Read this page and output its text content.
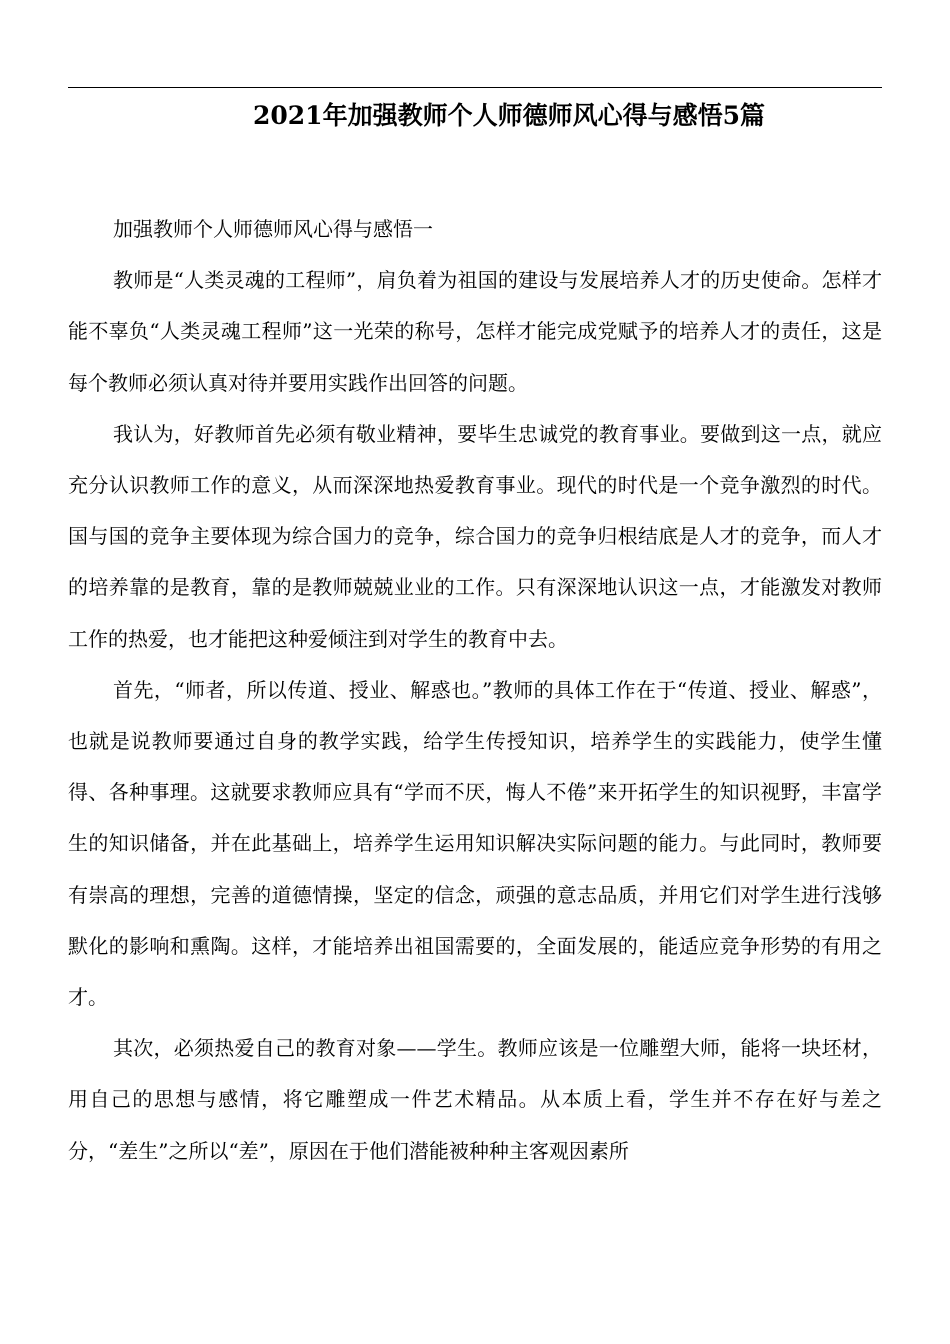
2021年加强教师个人师德师风心得与感悟5篇

加强教师个人师德师风心得与感悟一

教师是“人类灵魂的工程师”，肩负着为祖国的建设与发展培养人才的历史使命。怎样才能不辜负“人类灵魂工程师”这一光荣的称号，怎样才能完成党赋予的培养人才的责任，这是每个教师必须认真对待并要用实践作出回答的问题。

我认为，好教师首先必须有敬业精神，要毕生忠诚党的教育事业。要做到这一点，就应充分认识教师工作的意义，从而深深地热爱教育事业。现代的时代是一个竞争激烈的时代。国与国的竞争主要体现为综合国力的竞争，综合国力的竞争归根结底是人才的竞争，而人才的培养靠的是教育，靠的是教师兢兢业业的工作。只有深深地认识这一点，才能激发对教师工作的热爱，也才能把这种爱倾注到对学生的教育中去。

首先，“师者，所以传道、授业、解惑也。”教师的具体工作在于“传道、授业、解惑”，也就是说教师要通过自身的教学实践，给学生传授知识，培养学生的实践能力，使学生懂得、各种事理。这就要求教师应具有“学而不厌，悔人不倦”来开拓学生的知识视野，丰富学生的知识储备，并在此基础上，培养学生运用知识解决实际问题的能力。与此同时，教师要有崇高的理想，完善的道德情操，坚定的信念，顽强的意志品质，并用它们对学生进行浅够默化的影响和熏陶。这样，才能培养出祖国需要的，全面发展的，能适应竞争形势的有用之才。

其次，必须热爱自己的教育对象——学生。教师应该是一位雕塑大师，能将一块坯材，用自己的思想与感情，将它雕塑成一件艺术精品。从本质上看，学生并不存在好与差之分，“差生”之所以“差”，原因在于他们潜能被种种主客观因素所
